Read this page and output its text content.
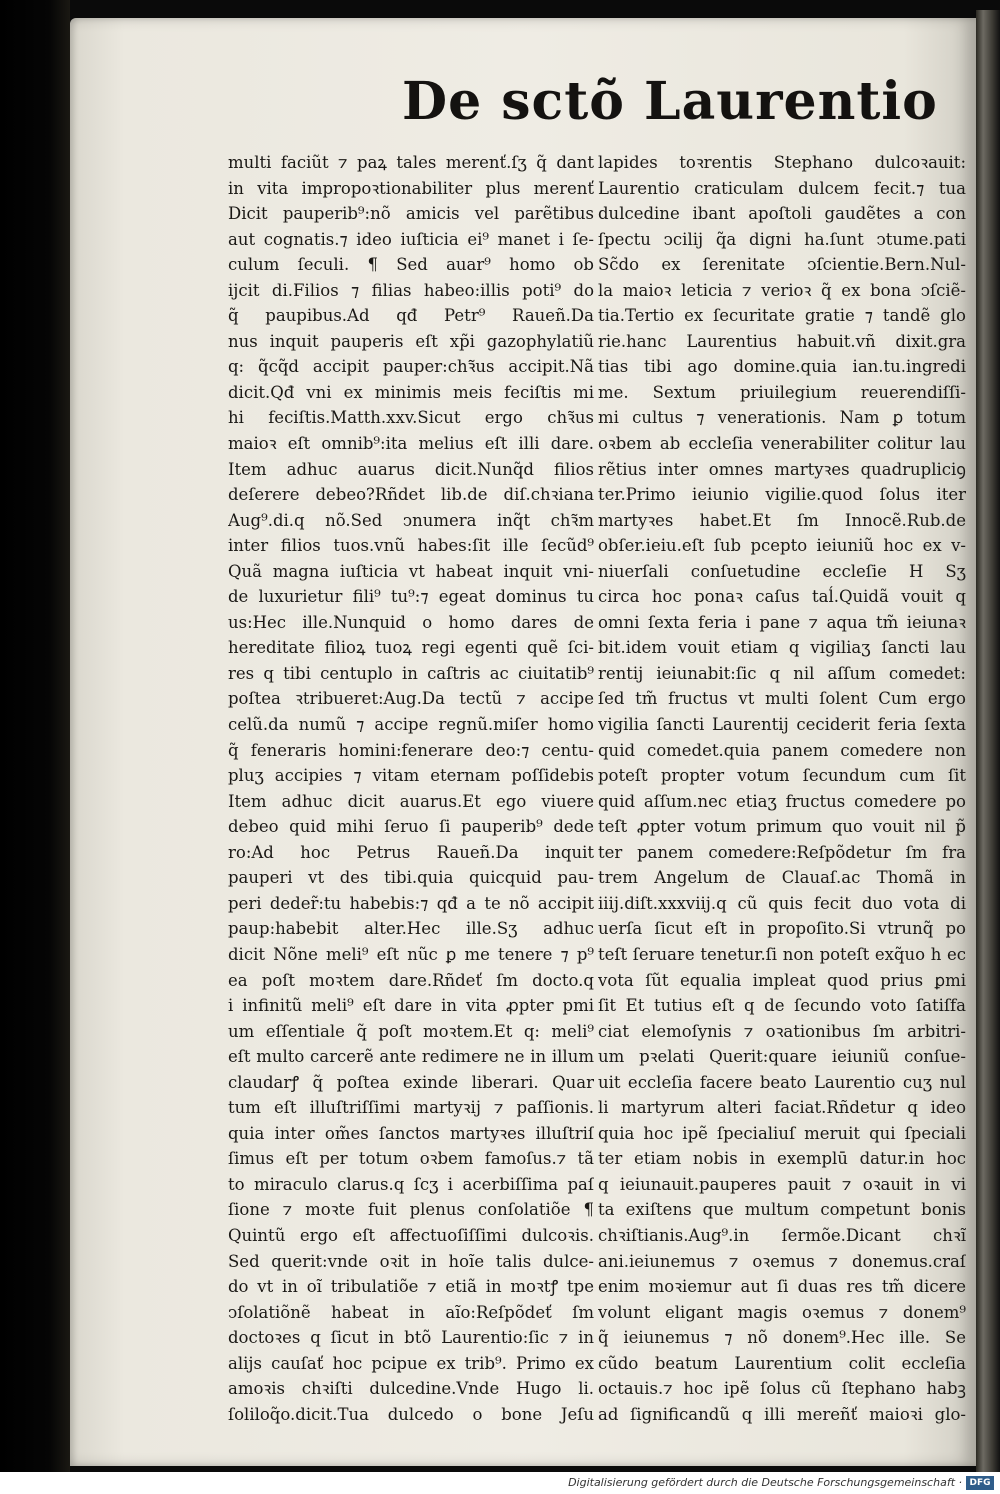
De sctõ Laurentio
multi faciũt ⁊ paꝝ tales merenť.ſʒ q̃ dant
in vita impropoꝛtionabiliter plus merenť
Dicit pauperib⁹:nõ amicis vel parẽtibus
aut cognatis.⁊ ideo iuſticia ei⁹ manet i ſe-
culum ſeculi. ¶ Sed auar⁹ homo ob
ijcit di.Filios ⁊ filias habeo:illis poti⁹ do
q̃ paupibus.Ad qđ Petr⁹ Raueñ.Da
nus inquit pauperis eſt xp̃i gazophylatiũ
q: q̃cq̃d accipit pauper:chꝛ̃us accipit.Nã
dicit.Qđ vni ex minimis meis feciſtis mi
hi feciſtis.Matth.xxv.Sicut ergo chꝛ̃us
maioꝛ eſt omnib⁹:ita melius eſt illi dare.
Item adhuc auarus dicit.Nunq̃d filios
deſerere debeo?Rñdet lib.de diſ.chꝛiana
Aug⁹.di.q nõ.Sed ↄnumera inq̃t chꝛ̃m
inter filios tuos.vnũ habes:ſit ille ſecũd⁹
Quã magna iuſticia vt habeat inquit vni-
de luxurietur fili⁹ tu⁹:⁊ egeat dominus tu
us:Hec ille.Nunquid o homo dares de
hereditate filioꝝ tuoꝝ regi egenti quẽ ſci-
res q tibi centuplo in caſtris ac ciuitatib⁹
poſtea ꝛtribueret:Aug.Da tectũ ⁊ accipe
celũ.da numũ ⁊ accipe regnũ.miſer homo
q̃ feneraris homini:fenerare deo:⁊ centu-
pluʒ accipies ⁊ vitam eternam poſſidebis
Item adhuc dicit auarus.Et ego viuere
debeo quid mihi ſeruo ſi pauperib⁹ dede
ro:Ad hoc Petrus Raueñ.Da inquit
pauperi vt des tibi.quia quicquid pau-
peri deder̃:tu habebis:⁊ qđ a te nõ accipit
paup:habebit alter.Hec ille.Sʒ adhuc
dicit Nõne meli⁹ eſt nũc ꝑ me tenere ⁊ p⁹
ea poſt moꝛtem dare.Rñdeť ſm docto.q
i infinitũ meli⁹ eſt dare in vita ꝓpter pmi
um eſſentiale q̃ poſt moꝛtem.Et q: meli⁹
eſt multo carcerẽ ante redimere ne in illum
claudarꝭ q̃ poſtea exinde liberari. Quar
tum eſt illuſtriſſimi martyꝛij ⁊ paſſionis.
quia inter om̃es ſanctos martyꝛes illuſtriſ
ſimus eſt per totum oꝛbem famoſus.⁊ tã
to miraculo clarus.q ſcʒ i acerbiſſima paſ
ſione ⁊ moꝛte fuit plenus conſolatiõe ¶
Quintũ ergo eſt affectuoſiſſimi dulcoꝛis.
Sed querit:vnde oꝛit in hoĩe talis dulce-
do vt in oĩ tribulatiõe ⁊ etiã in moꝛtꝭ tpe
ↄſolatiõnẽ habeat in aĩo:Reſpõdeť ſm
doctoꝛes q ſicut in btõ Laurentio:ſic ⁊ in
alijs cauſať hoc pcipue ex trib⁹. Primo ex
amoꝛis chꝛiſti dulcedine.Vnde Hugo li.
ſoliloq̃o.dicit.Tua dulcedo o bone Jeſu
lapides toꝛrentis Stephano dulcoꝛauit:
Laurentio craticulam dulcem fecit.⁊ tua
dulcedine ibant apoſtoli gaudẽtes a con
ſpectu ↄcilij q̃a digni ha.ſunt ↄtume.pati
Sc̃do ex ſerenitate ↄſcientie.Bern.Nul-
la maioꝛ leticia ⁊ verioꝛ q̃ ex bona ↄſciẽ-
tia.Tertio ex ſecuritate gratie ⁊ tandẽ glo
rie.hanc Laurentius habuit.vñ dixit.gra
tias tibi ago domine.quia ian.tu.ingredi
me. Sextum priuilegium reuerendiſſi-
mi cultus ⁊ venerationis. Nam ꝑ totum
oꝛbem ab eccleſia venerabiliter colitur lau
rẽtius inter omnes martyꝛes quadrupliciꝯ
ter.Primo ieiunio vigilie.quod ſolus iter
martyꝛes habet.Et ſm Innocẽ.Rub.de
obſer.ieiu.eſt ſub pcepto ieiuniũ hoc ex v-
niuerſali conſuetudine eccleſie H Sʒ
circa hoc ponaꝛ caſus taĺ.Quidã vouit q
omni ſexta feria i pane ⁊ aqua tm̃ ieiunaꝛ
bit.idem vouit etiam q vigiliaʒ ſancti lau
rentij ieiunabit:ſic q nil aſſum comedet:
ſed tm̃ fructus vt multi ſolent Cum ergo
vigilia ſancti Laurentij ceciderit feria ſexta
quid comedet.quia panem comedere non
poteſt propter votum ſecundum cum ſit
quid aſſum.nec etiaʒ fructus comedere po
teſt ꝓpter votum primum quo vouit nil p̃
ter panem comedere:Reſpõdetur ſm fra
trem Angelum de Clauaſ.ac Thomã in
iiij.diſt.xxxviij.q cũ quis fecit duo vota di
uerſa ſicut eſt in propoſito.Si vtrunq̃ po
teſt ſeruare tenetur.ſi non poteſt exq̃uo h ec
vota ſũt equalia impleat quod prius ꝑmi
ſit Et tutius eſt q de ſecundo voto ſatiſfa
ciat elemoſynis ⁊ oꝛationibus ſm arbitri-
um pꝛelati Querit:quare ieiuniũ conſue-
uit eccleſia facere beato Laurentio cuʒ nul
li martyrum alteri faciat.Rñdetur q ideo
quia hoc ipẽ ſpecialiuſ meruit qui ſpeciali
ter etiam nobis in exemplū datur.in hoc
q ieiunauit.pauperes pauit ⁊ oꝛauit in vi
ta exiſtens que multum competunt bonis
chꝛiſtianis.Aug⁹.in ſermõe.Dicant chꝛĩ
ani.ieiunemus ⁊ oꝛemus ⁊ donemus.craſ
enim moꝛiemur aut ſi duas res tm̃ dicere
volunt eligant magis oꝛemus ⁊ donem⁹
q̃ ieiunemus ⁊ nõ donem⁹.Hec ille. Se
cũdo beatum Laurentium colit eccleſia
octauis.⁊ hoc ipẽ ſolus cũ ſtephano habꝫ
ad ſignificandũ q illi mereñť maioꝛi glo-
Digitalisierung gefördert durch die Deutsche Forschungsgemeinschaft · DFG
